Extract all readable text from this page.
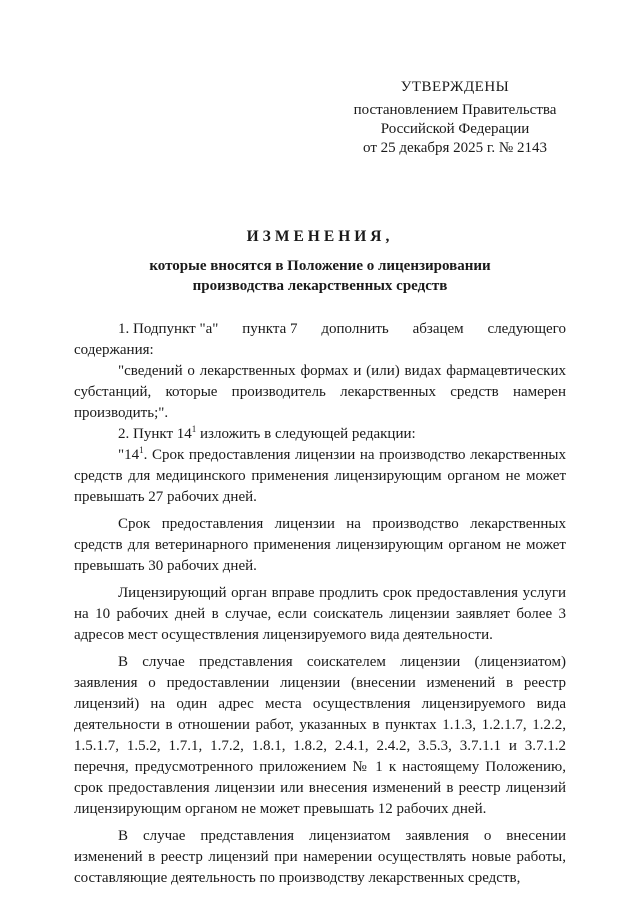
УТВЕРЖДЕНЫ
постановлением Правительства
Российской Федерации
от 25 декабря 2025 г. № 2143
ИЗМЕНЕНИЯ,
которые вносятся в Положение о лицензировании
производства лекарственных средств
1. Подпункт "а" пункта 7 дополнить абзацем следующего

содержания:

"сведений о лекарственных формах и (или) видах фармацевтических субстанций, которые производитель лекарственных средств намерен производить;".

2. Пункт $14^1$ изложить в следующей редакции:

"$14^1$. Срок предоставления лицензии на производство лекарственных средств для медицинского применения лицензирующим органом не может превышать 27 рабочих дней.

Срок предоставления лицензии на производство лекарственных средств для ветеринарного применения лицензирующим органом не может превышать 30 рабочих дней.

Лицензирующий орган вправе продлить срок предоставления услуги на 10 рабочих дней в случае, если соискатель лицензии заявляет более 3 адресов мест осуществления лицензируемого вида деятельности.

В случае представления соискателем лицензии (лицензиатом) заявления о предоставлении лицензии (внесении изменений в реестр лицензий) на один адрес места осуществления лицензируемого вида деятельности в отношении работ, указанных в пунктах 1.1.3, 1.2.1.7, 1.2.2, 1.5.1.7, 1.5.2, 1.7.1, 1.7.2, 1.8.1, 1.8.2, 2.4.1, 2.4.2, 3.5.3, 3.7.1.1 и 3.7.1.2 перечня, предусмотренного приложением № 1 к настоящему Положению, срок предоставления лицензии или внесения изменений в реестр лицензий лицензирующим органом не может превышать 12 рабочих дней.

В случае представления лицензиатом заявления о внесении изменений в реестр лицензий при намерении осуществлять новые работы, составляющие деятельность по производству лекарственных средств,
